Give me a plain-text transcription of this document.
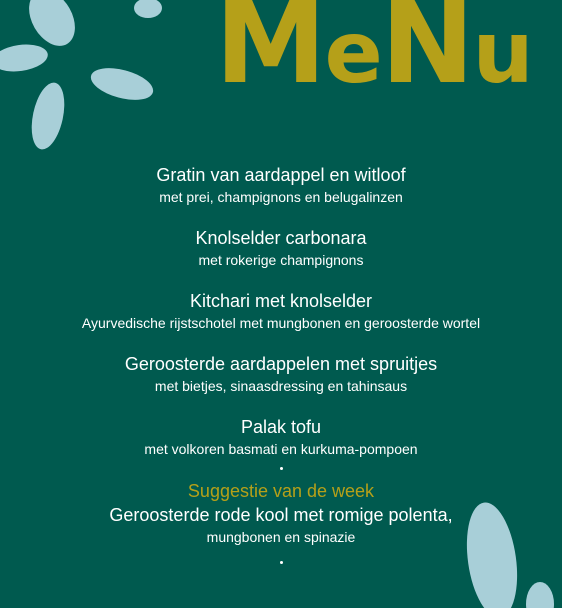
MeNu
Gratin van aardappel en witloof
met prei, champignons en belugalinzen
Knolselder carbonara
met rokerige champignons
Kitchari met knolselder
Ayurvedische rijstschotel met mungbonen en geroosterde wortel
Geroosterde aardappelen met spruitjes
met bietjes, sinaasdressing en tahinsaus
Palak tofu
met volkoren basmati en kurkuma-pompoen
Suggestie van de week
Geroosterde rode kool met romige polenta,
mungbonen en spinazie
